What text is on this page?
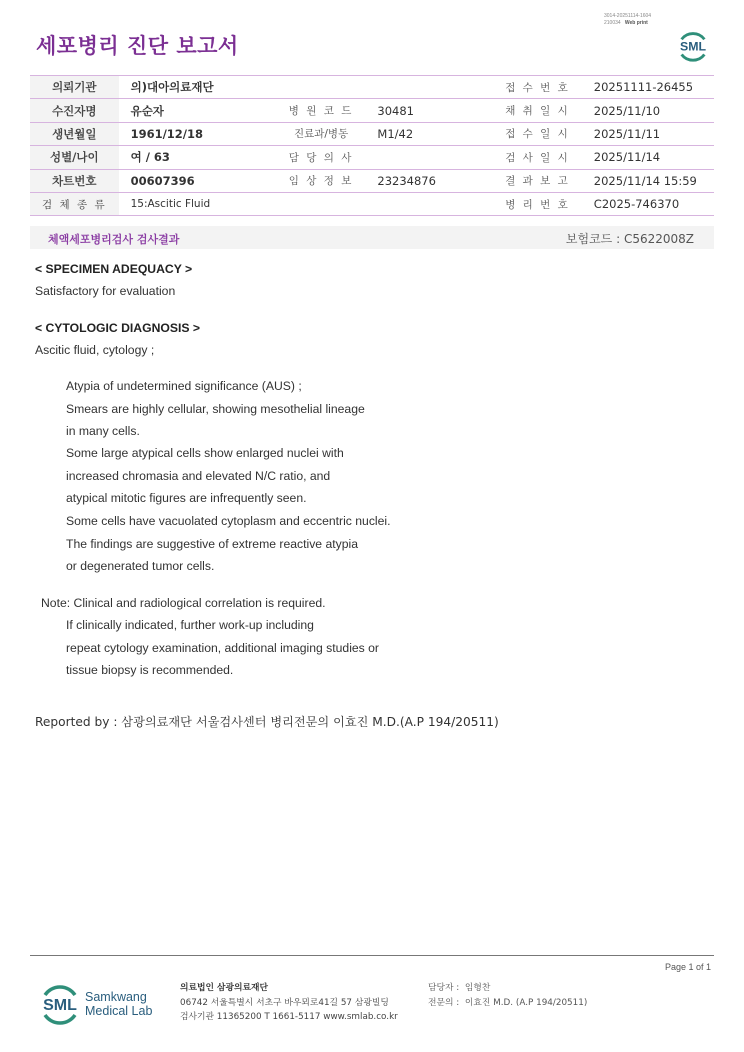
3014-20251114-1604
210034 Web print
세포병리 진단 보고서	SML
의뢰기관	의)대아의료재단			접 수 번 호	20251111-26455
수진자명	유순자	병 원 코 드	30481	채 취 일 시	2025/11/10
생년월일	1961/12/18	진료과/병동	M1/42	접 수 일 시	2025/11/11
성별/나이	여 / 63	담 당 의 사		검 사 일 시	2025/11/14
차트번호	00607396	임 상 정 보	23234876	결 과 보 고	2025/11/14 15:59
검 체 종 류	15:Ascitic Fluid			병 리 번 호	C2025-746370
체액세포병리검사 검사결과	보험코드 : C5622008Z
< SPECIMEN ADEQUACY >
Satisfactory for evaluation
< CYTOLOGIC DIAGNOSIS >
Ascitic fluid, cytology ;
Atypia of undetermined significance (AUS) ;
Smears are highly cellular, showing mesothelial lineage
in many cells.
Some large atypical cells show enlarged nuclei with
increased chromasia and elevated N/C ratio, and
atypical mitotic figures are infrequently seen.
Some cells have vacuolated cytoplasm and eccentric nuclei.
The findings are suggestive of extreme reactive atypia
or degenerated tumor cells.
Note: Clinical and radiological correlation is required.
If clinically indicated, further work-up including
repeat cytology examination, additional imaging studies or
tissue biopsy is recommended.
Reported by : 삼광의료재단 서울검사센터 병리전문의 이효진 M.D.(A.P 194/20511)
Page 1 of 1
SML Samkwang
Medical Lab
의료법인 삼광의료재단
06742 서울특별시 서초구 바우뫼로41길 57 삼광빌딩
검사기관 11365200 T 1661-5117 www.smlab.co.kr
담당자 : 임형찬
전문의 : 이효진 M.D. (A.P 194/20511)
